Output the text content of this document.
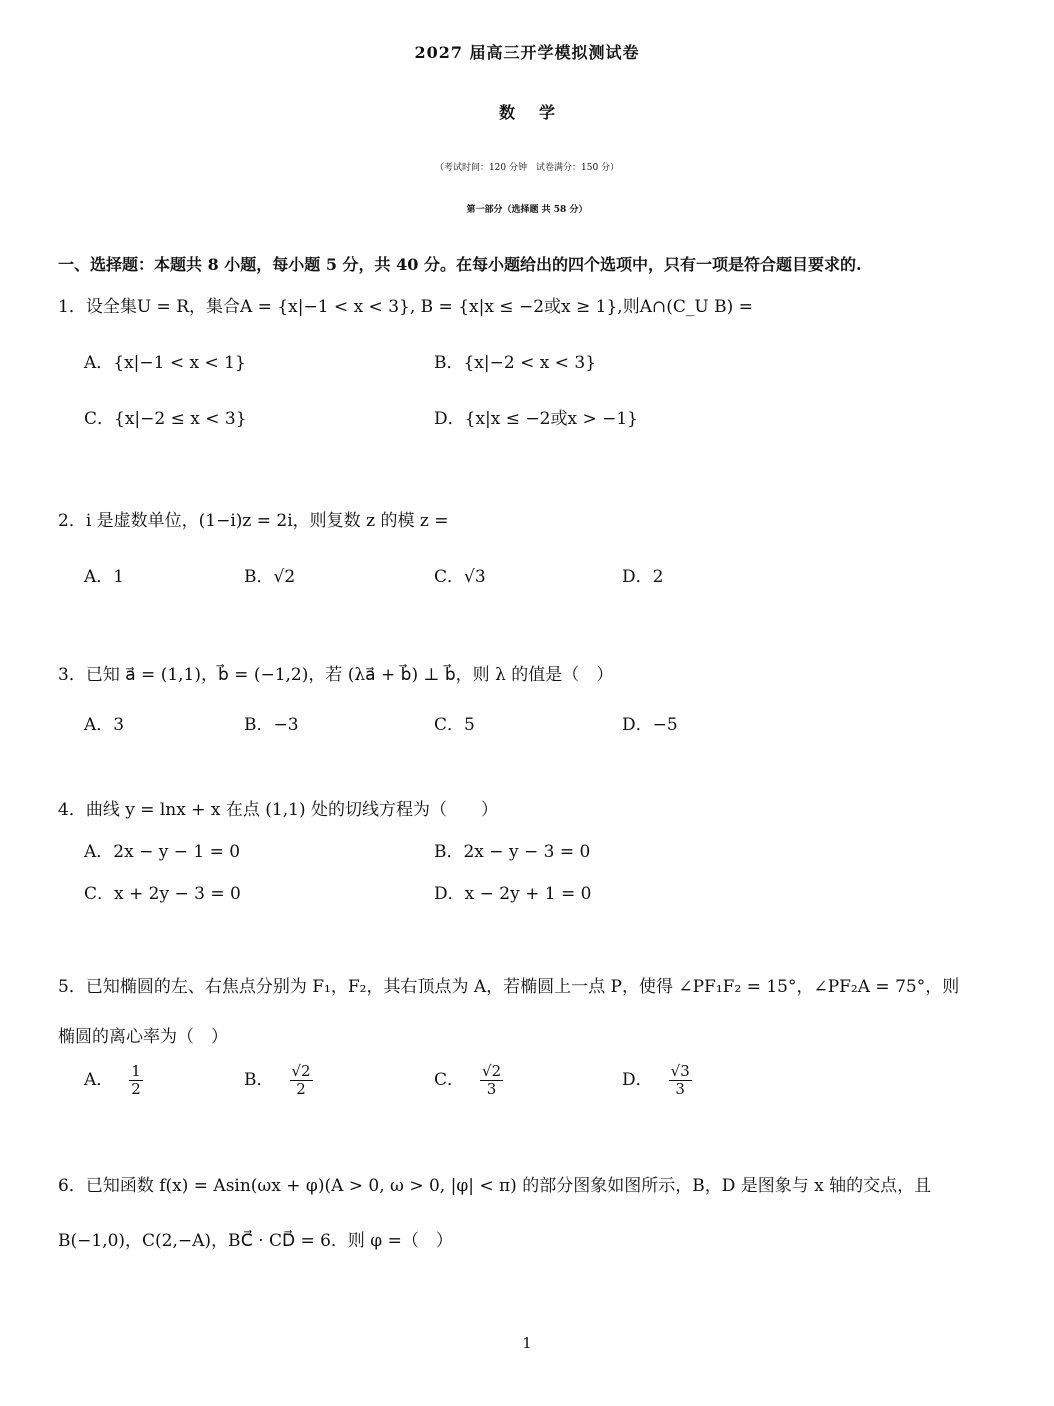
2027 届高三开学模拟测试卷
数学
（考试时间：120 分钟　试卷满分：150 分）
第一部分（选择题 共 58 分）
一、选择题：本题共 8 小题，每小题 5 分，共 40 分。在每小题给出的四个选项中，只有一项是符合题目要求的.
1．设全集U = R，集合A = {x|−1 < x < 3}, B = {x|x ≤ −2或x ≥ 1},则A∩(C_U B) =
A．{x|−1 < x < 1}	B．{x|−2 < x < 3}
C．{x|−2 ≤ x < 3}	D．{x|x ≤ −2或x > −1}
2．i 是虚数单位，(1−i)z = 2i，则复数 z 的模 z =
A．1	B．√2	C．√3	D．2
3．已知 a⃗ = (1,1)，b⃗ = (−1,2)，若 (λa⃗ + b⃗) ⊥ b⃗，则 λ 的值是（　）
A．3	B．−3	C．5	D．−5
4．曲线 y = lnx + x 在点 (1,1) 处的切线方程为（　　）
A．2x − y − 1 = 0	B．2x − y − 3 = 0
C．x + 2y − 3 = 0	D．x − 2y + 1 = 0
5．已知椭圆的左、右焦点分别为 F₁，F₂，其右顶点为 A，若椭圆上一点 P，使得 ∠PF₁F₂ = 15°，∠PF₂A = 75°，则
椭圆的离心率为（　）
A． $\frac{1}{2}$	B． $\frac{√2}{2}$	C． $\frac{√2}{3}$	D． $\frac{√3}{3}$
6．已知函数 f(x) = Asin(ωx + φ)(A > 0, ω > 0, |φ| < π) 的部分图象如图所示，B，D 是图象与 x 轴的交点，且
B(−1,0)，C(2,−A)，BC⃗ · CD⃗ = 6．则 φ =（　）
1
